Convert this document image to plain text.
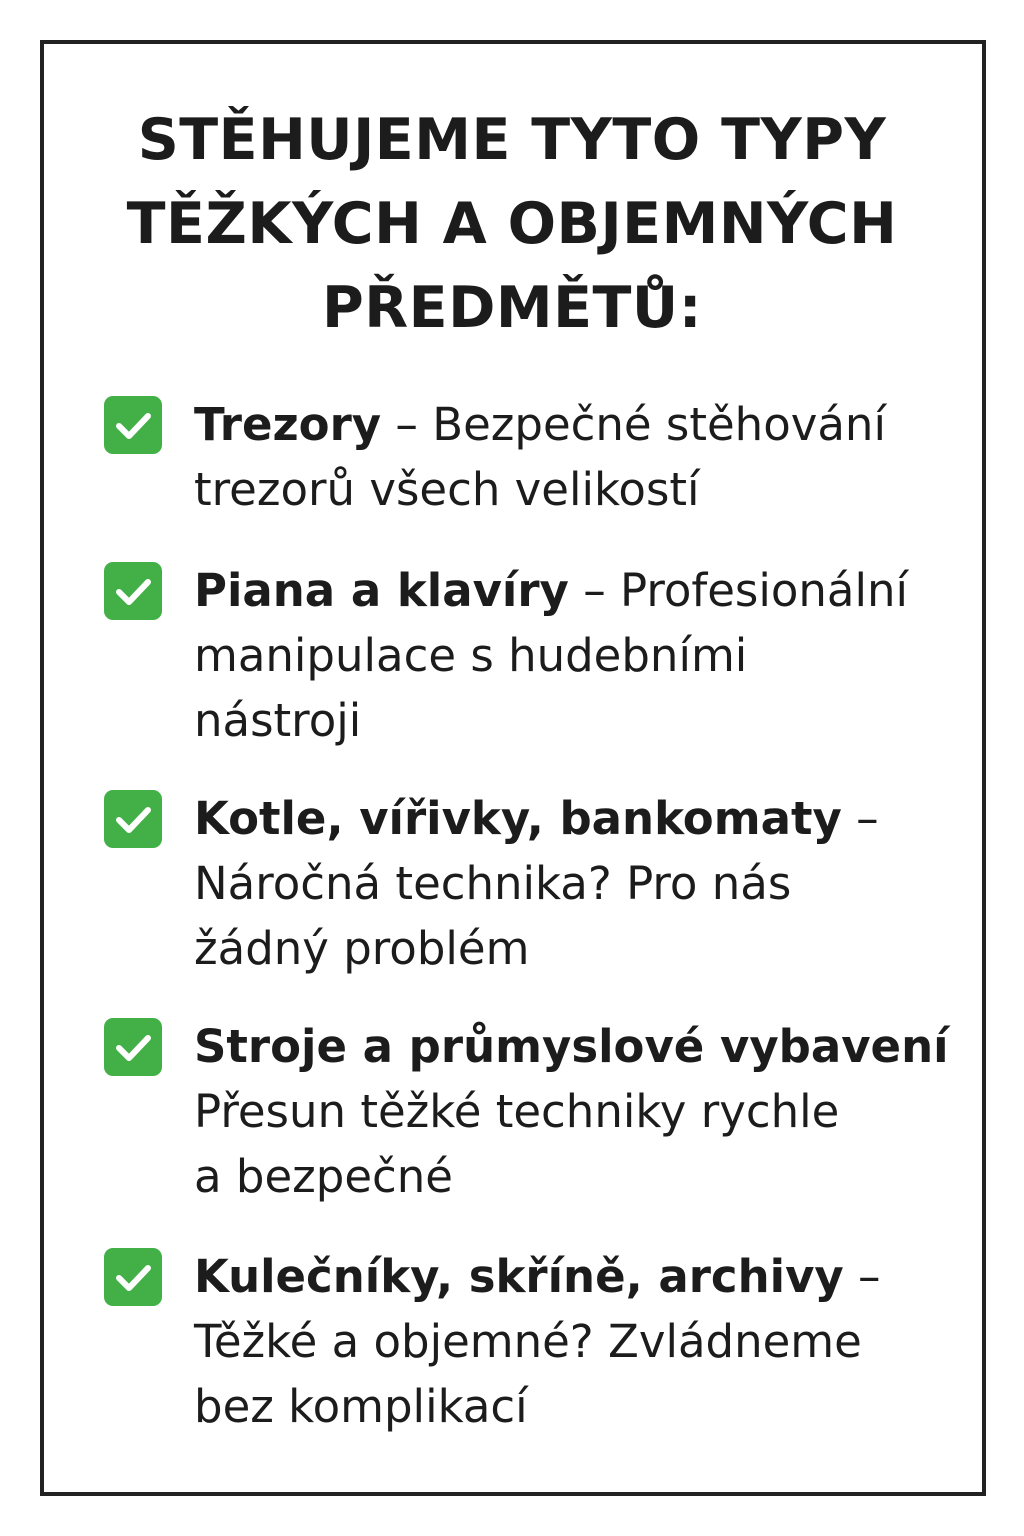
STĚHUJEME TYTO TYPY
TĚŽKÝCH A OBJEMNÝCH
PŘEDMĚTŮ:
Trezory – Bezpečné stěhování
trezorů všech velikostí
Piana a klavíry – Profesionální
manipulace s hudebními
nástroji
Kotle, vířivky, bankomaty –
Náročná technika? Pro nás
žádný problém
Stroje a průmyslové vybavení
Přesun těžké techniky rychle
a bezpečné
Kulečníky, skříně, archivy –
Těžké a objemné? Zvládneme
bez komplikací
